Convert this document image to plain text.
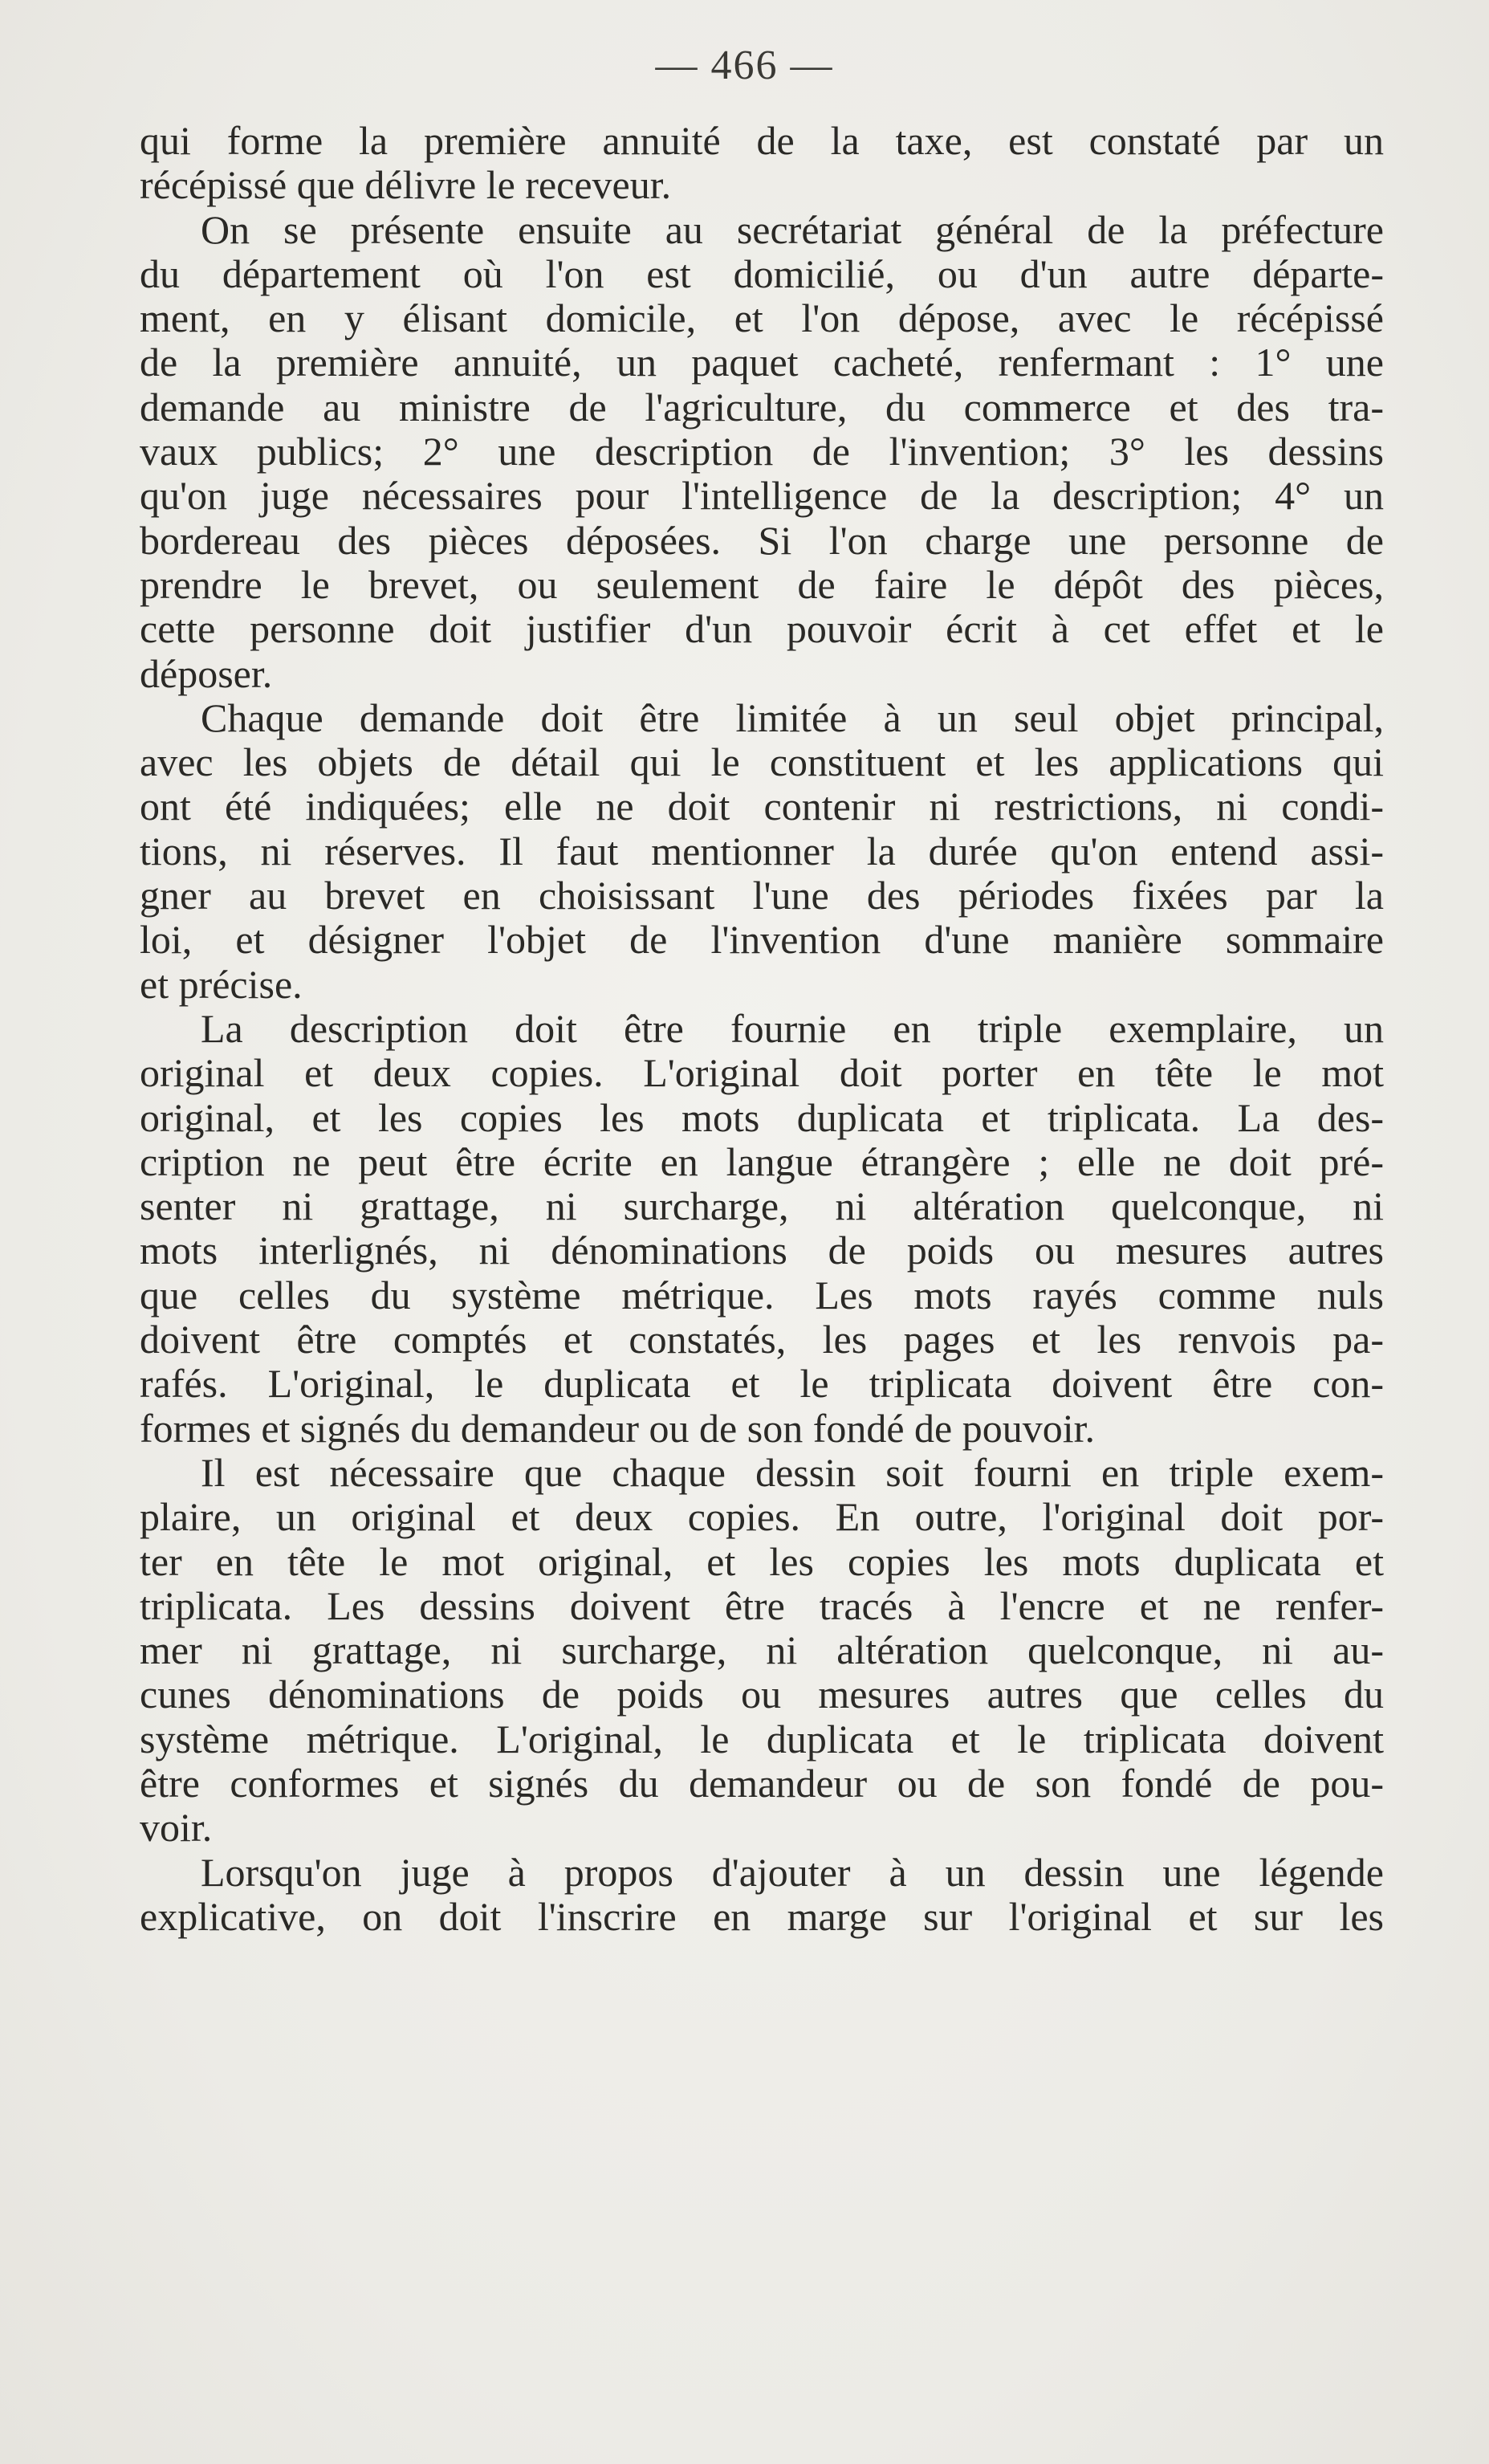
— 466 —
qui forme la première annuité de la taxe, est constaté par un
récépissé que délivre le receveur.
On se présente ensuite au secrétariat général de la préfecture
du département où l'on est domicilié, ou d'un autre départe-
ment, en y élisant domicile, et l'on dépose, avec le récépissé
de la première annuité, un paquet cacheté, renfermant : 1° une
demande au ministre de l'agriculture, du commerce et des tra-
vaux publics; 2° une description de l'invention; 3° les dessins
qu'on juge nécessaires pour l'intelligence de la description; 4° un
bordereau des pièces déposées. Si l'on charge une personne de
prendre le brevet, ou seulement de faire le dépôt des pièces,
cette personne doit justifier d'un pouvoir écrit à cet effet et le
déposer.
Chaque demande doit être limitée à un seul objet principal,
avec les objets de détail qui le constituent et les applications qui
ont été indiquées; elle ne doit contenir ni restrictions, ni condi-
tions, ni réserves. Il faut mentionner la durée qu'on entend assi-
gner au brevet en choisissant l'une des périodes fixées par la
loi, et désigner l'objet de l'invention d'une manière sommaire
et précise.
La description doit être fournie en triple exemplaire, un
original et deux copies. L'original doit porter en tête le mot
original, et les copies les mots duplicata et triplicata. La des-
cription ne peut être écrite en langue étrangère ; elle ne doit pré-
senter ni grattage, ni surcharge, ni altération quelconque, ni
mots interlignés, ni dénominations de poids ou mesures autres
que celles du système métrique. Les mots rayés comme nuls
doivent être comptés et constatés, les pages et les renvois pa-
rafés. L'original, le duplicata et le triplicata doivent être con-
formes et signés du demandeur ou de son fondé de pouvoir.
Il est nécessaire que chaque dessin soit fourni en triple exem-
plaire, un original et deux copies. En outre, l'original doit por-
ter en tête le mot original, et les copies les mots duplicata et
triplicata. Les dessins doivent être tracés à l'encre et ne renfer-
mer ni grattage, ni surcharge, ni altération quelconque, ni au-
cunes dénominations de poids ou mesures autres que celles du
système métrique. L'original, le duplicata et le triplicata doivent
être conformes et signés du demandeur ou de son fondé de pou-
voir.
Lorsqu'on juge à propos d'ajouter à un dessin une légende
explicative, on doit l'inscrire en marge sur l'original et sur les
